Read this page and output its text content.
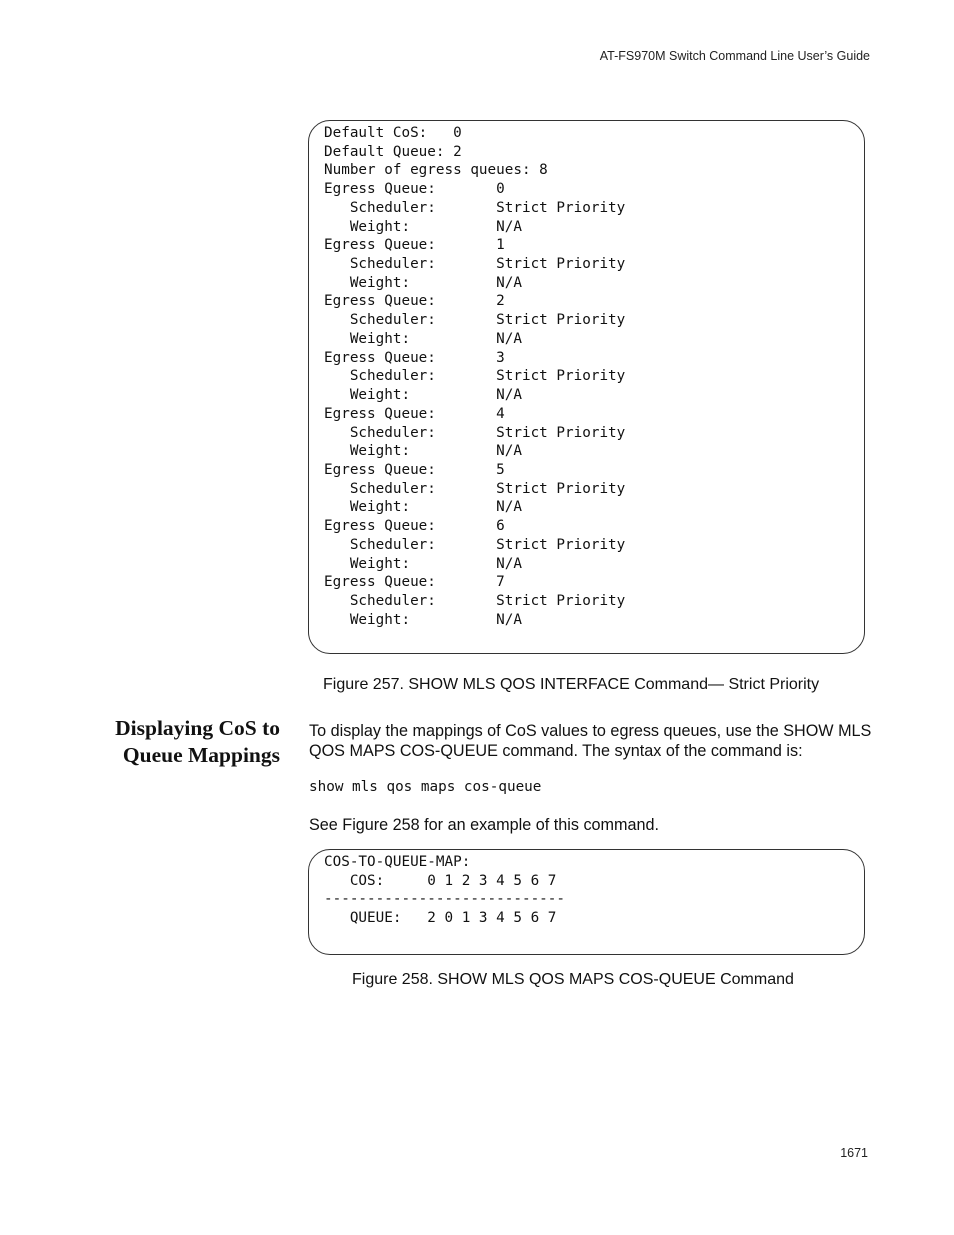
AT-FS970M Switch Command Line User’s Guide
Default CoS:   0
Default Queue: 2
Number of egress queues: 8
Egress Queue:       0
Scheduler:       Strict Priority
Weight:          N/A
Egress Queue:       1
Scheduler:       Strict Priority
Weight:          N/A
Egress Queue:       2
Scheduler:       Strict Priority
Weight:          N/A
Egress Queue:       3
Scheduler:       Strict Priority
Weight:          N/A
Egress Queue:       4
Scheduler:       Strict Priority
Weight:          N/A
Egress Queue:       5
Scheduler:       Strict Priority
Weight:          N/A
Egress Queue:       6
Scheduler:       Strict Priority
Weight:          N/A
Egress Queue:       7
Scheduler:       Strict Priority
Weight:          N/A
Figure 257. SHOW MLS QOS INTERFACE Command— Strict Priority
Displaying CoS to
Queue Mappings
To display the mappings of CoS values to egress queues, use the SHOW MLS QOS MAPS COS-QUEUE command. The syntax of the command is:
show mls qos maps cos-queue
See Figure 258 for an example of this command.
COS-TO-QUEUE-MAP:
COS:     0 1 2 3 4 5 6 7
----------------------------
QUEUE:   2 0 1 3 4 5 6 7
Figure 258. SHOW MLS QOS MAPS COS-QUEUE Command
1671
